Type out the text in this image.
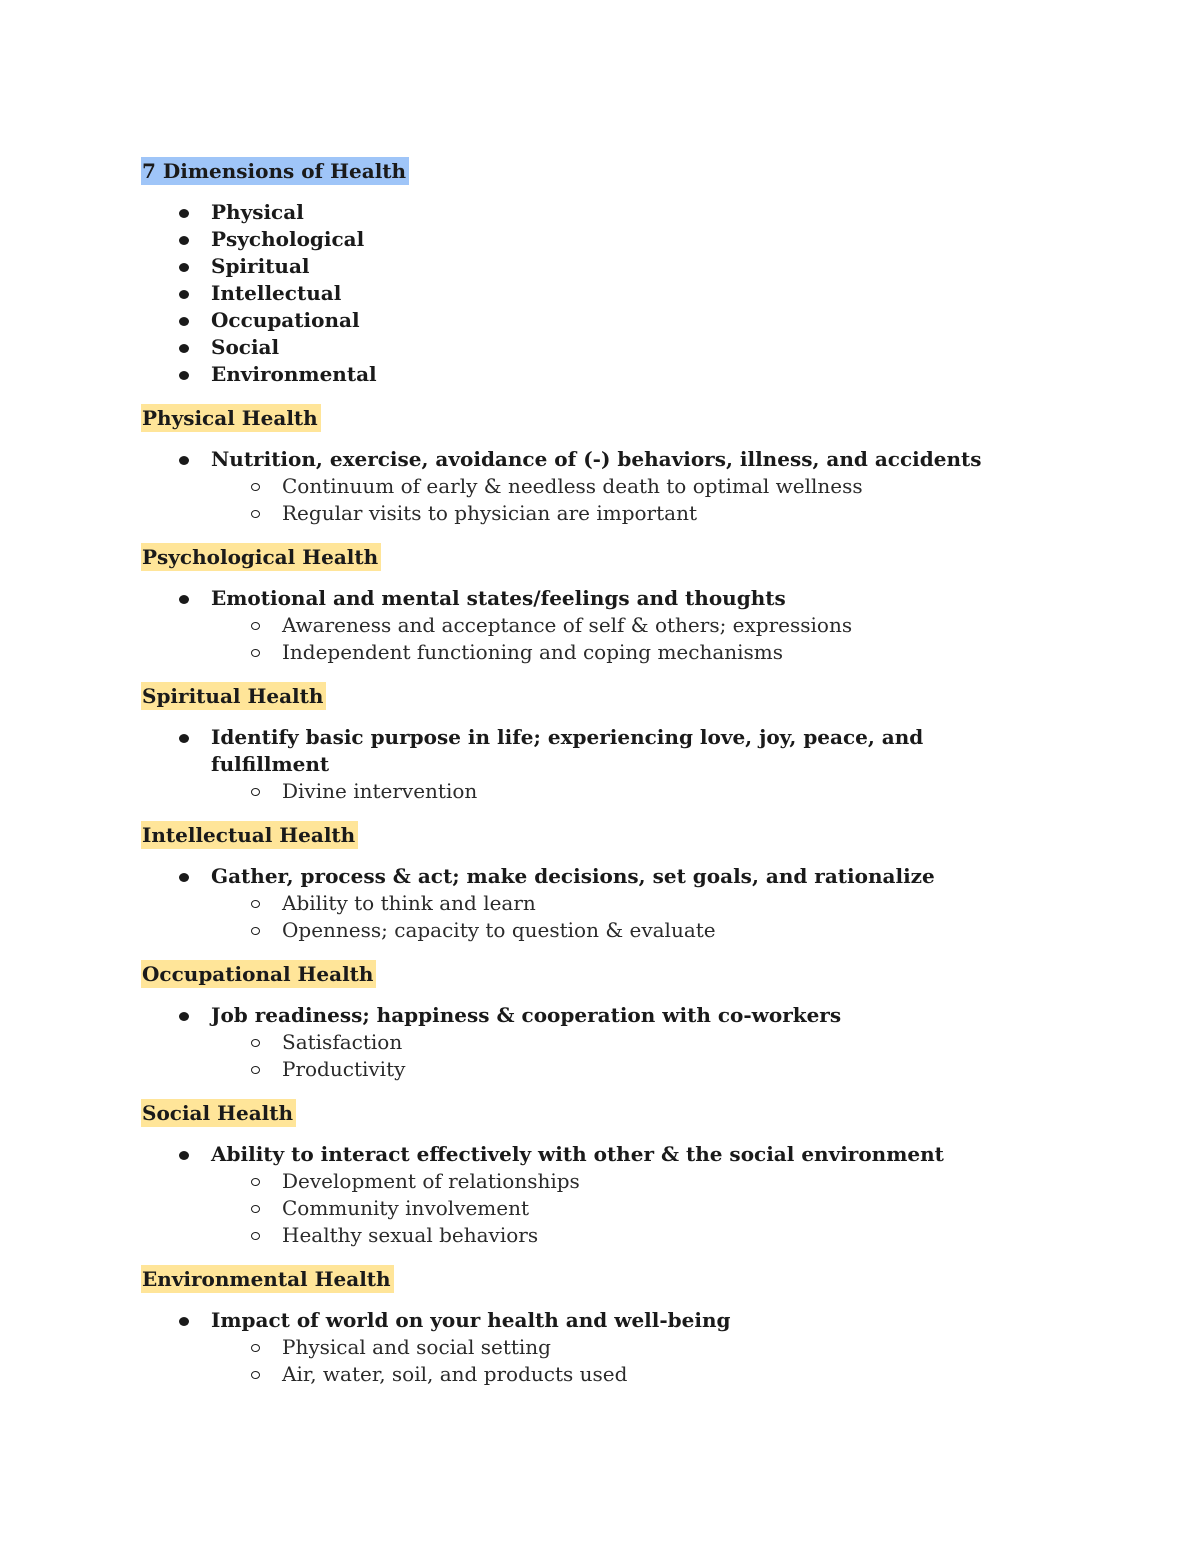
7 Dimensions of Health
Physical
Psychological
Spiritual
Intellectual
Occupational
Social
Environmental
Physical Health
Nutrition, exercise, avoidance of (-) behaviors, illness, and accidents
Continuum of early & needless death to optimal wellness
Regular visits to physician are important
Psychological Health
Emotional and mental states/feelings and thoughts
Awareness and acceptance of self & others; expressions
Independent functioning and coping mechanisms
Spiritual Health
Identify basic purpose in life; experiencing love, joy, peace, and fulfillment
Divine intervention
Intellectual Health
Gather, process & act; make decisions, set goals, and rationalize
Ability to think and learn
Openness; capacity to question & evaluate
Occupational Health
Job readiness; happiness & cooperation with co-workers
Satisfaction
Productivity
Social Health
Ability to interact effectively with other & the social environment
Development of relationships
Community involvement
Healthy sexual behaviors
Environmental Health
Impact of world on your health and well-being
Physical and social setting
Air, water, soil, and products used
